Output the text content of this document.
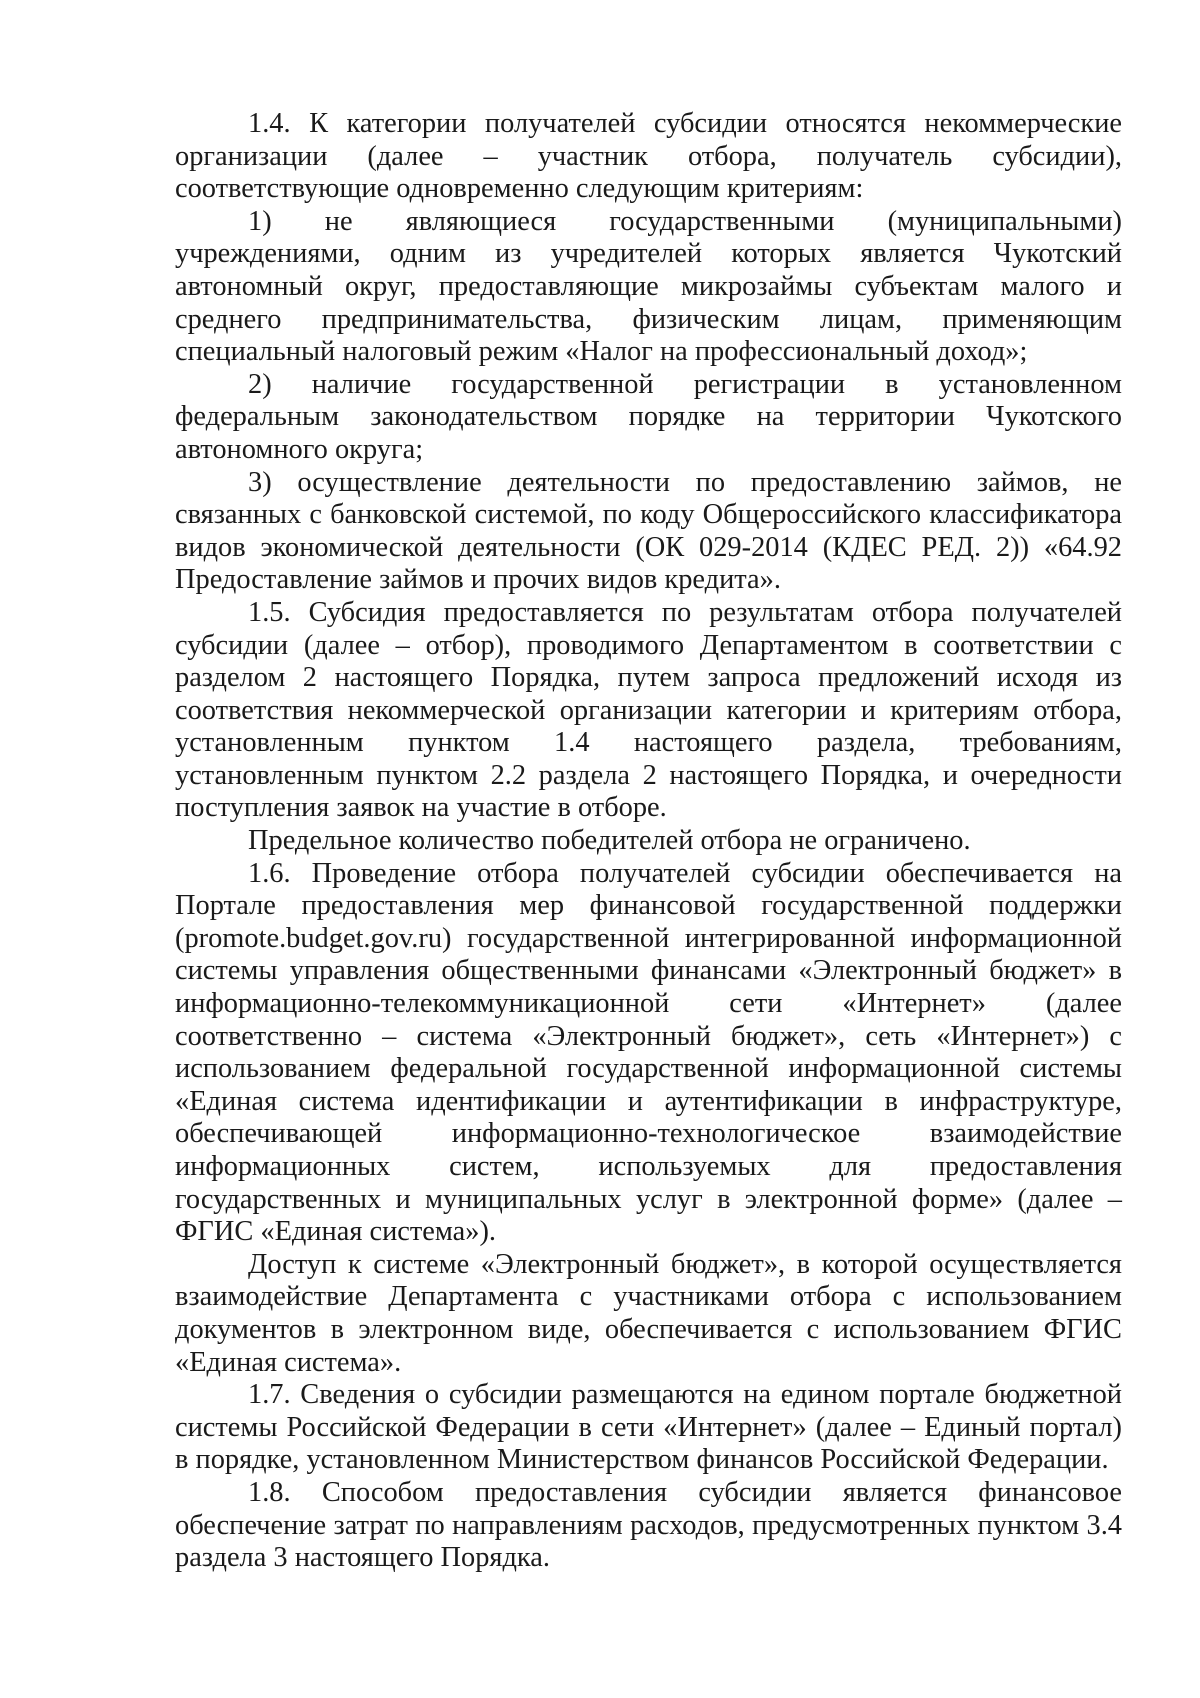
1.4. К категории получателей субсидии относятся некоммерческие организации (далее – участник отбора, получатель субсидии), соответствующие одновременно следующим критериям:

1) не являющиеся государственными (муниципальными) учреждениями, одним из учредителей которых является Чукотский автономный округ, предоставляющие микрозаймы субъектам малого и среднего предпринимательства, физическим лицам, применяющим специальный налоговый режим «Налог на профессиональный доход»;

2) наличие государственной регистрации в установленном федеральным законодательством порядке на территории Чукотского автономного округа;

3) осуществление деятельности по предоставлению займов, не связанных с банковской системой, по коду Общероссийского классификатора видов экономической деятельности (ОК 029-2014 (КДЕС РЕД. 2)) «64.92 Предоставление займов и прочих видов кредита».

1.5. Субсидия предоставляется по результатам отбора получателей субсидии (далее – отбор), проводимого Департаментом в соответствии с разделом 2 настоящего Порядка, путем запроса предложений исходя из соответствия некоммерческой организации категории и критериям отбора, установленным пунктом 1.4 настоящего раздела, требованиям, установленным пунктом 2.2 раздела 2 настоящего Порядка, и очередности поступления заявок на участие в отборе.

Предельное количество победителей отбора не ограничено.

1.6. Проведение отбора получателей субсидии обеспечивается на Портале предоставления мер финансовой государственной поддержки (promote.budget.gov.ru) государственной интегрированной информационной системы управления общественными финансами «Электронный бюджет» в информационно-телекоммуникационной сети «Интернет» (далее соответственно – система «Электронный бюджет», сеть «Интернет») с использованием федеральной государственной информационной системы «Единая система идентификации и аутентификации в инфраструктуре, обеспечивающей информационно-технологическое взаимодействие информационных систем, используемых для предоставления государственных и муниципальных услуг в электронной форме» (далее – ФГИС «Единая система»).

Доступ к системе «Электронный бюджет», в которой осуществляется взаимодействие Департамента с участниками отбора с использованием документов в электронном виде, обеспечивается с использованием ФГИС «Единая система».

1.7. Сведения о субсидии размещаются на едином портале бюджетной системы Российской Федерации в сети «Интернет» (далее – Единый портал) в порядке, установленном Министерством финансов Российской Федерации.

1.8. Способом предоставления субсидии является финансовое обеспечение затрат по направлениям расходов, предусмотренных пунктом 3.4 раздела 3 настоящего Порядка.
